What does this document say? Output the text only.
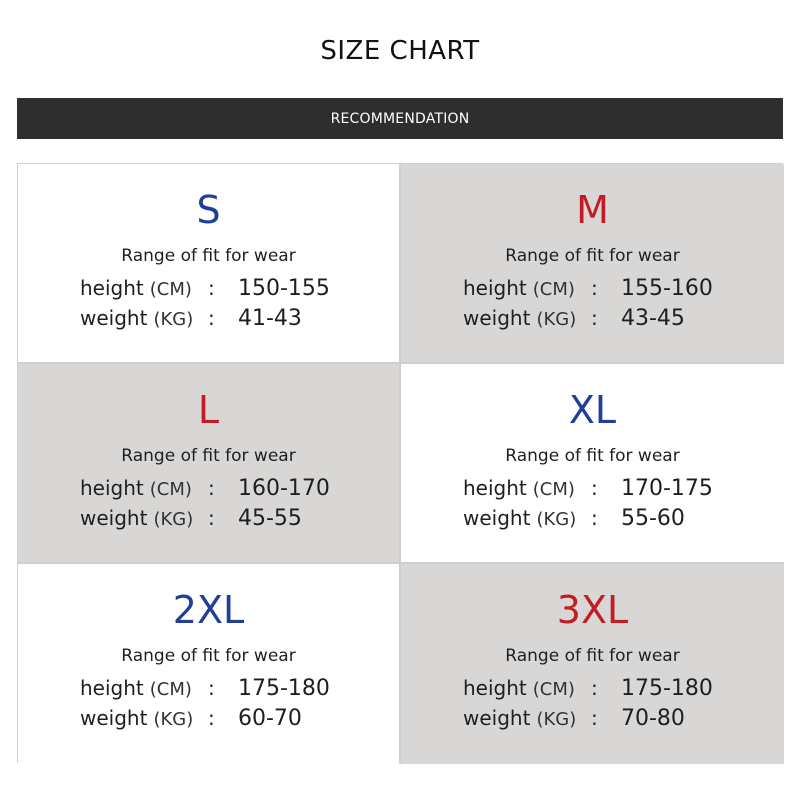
SIZE CHART
RECOMMENDATION
S
Range of fit for wear
height (CM) : 150-155
weight (KG) : 41-43
M
Range of fit for wear
height (CM) : 155-160
weight (KG) : 43-45
L
Range of fit for wear
height (CM) : 160-170
weight (KG) : 45-55
XL
Range of fit for wear
height (CM) : 170-175
weight (KG) : 55-60
2XL
Range of fit for wear
height (CM) : 175-180
weight (KG) : 60-70
3XL
Range of fit for wear
height (CM) : 175-180
weight (KG) : 70-80
